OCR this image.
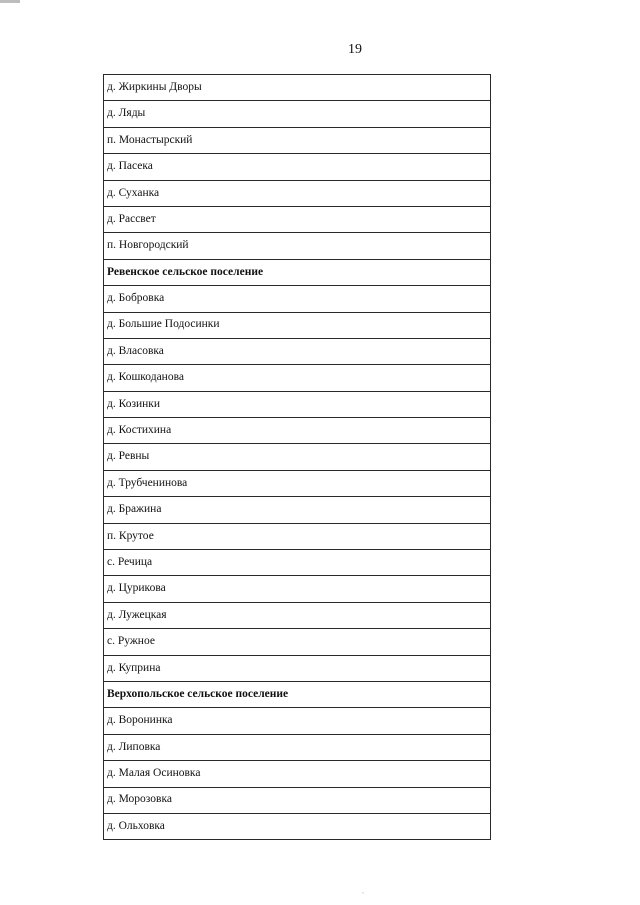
19
д. Жиркины Дворы
д. Ляды
п. Монастырский
д. Пасека
д. Суханка
д. Рассвет
п. Новгородский
Ревенское сельское поселение
д. Бобровка
д. Большие Подосинки
д. Власовка
д. Кошкоданова
д. Козинки
д. Костихина
д. Ревны
д. Трубченинова
д. Бражина
п. Крутое
с. Речица
д. Цурикова
д. Лужецкая
с. Ружное
д. Куприна
Верхопольское сельское поселение
д. Воронинка
д. Липовка
д. Малая Осиновка
д. Морозовка
д. Ольховка
`
